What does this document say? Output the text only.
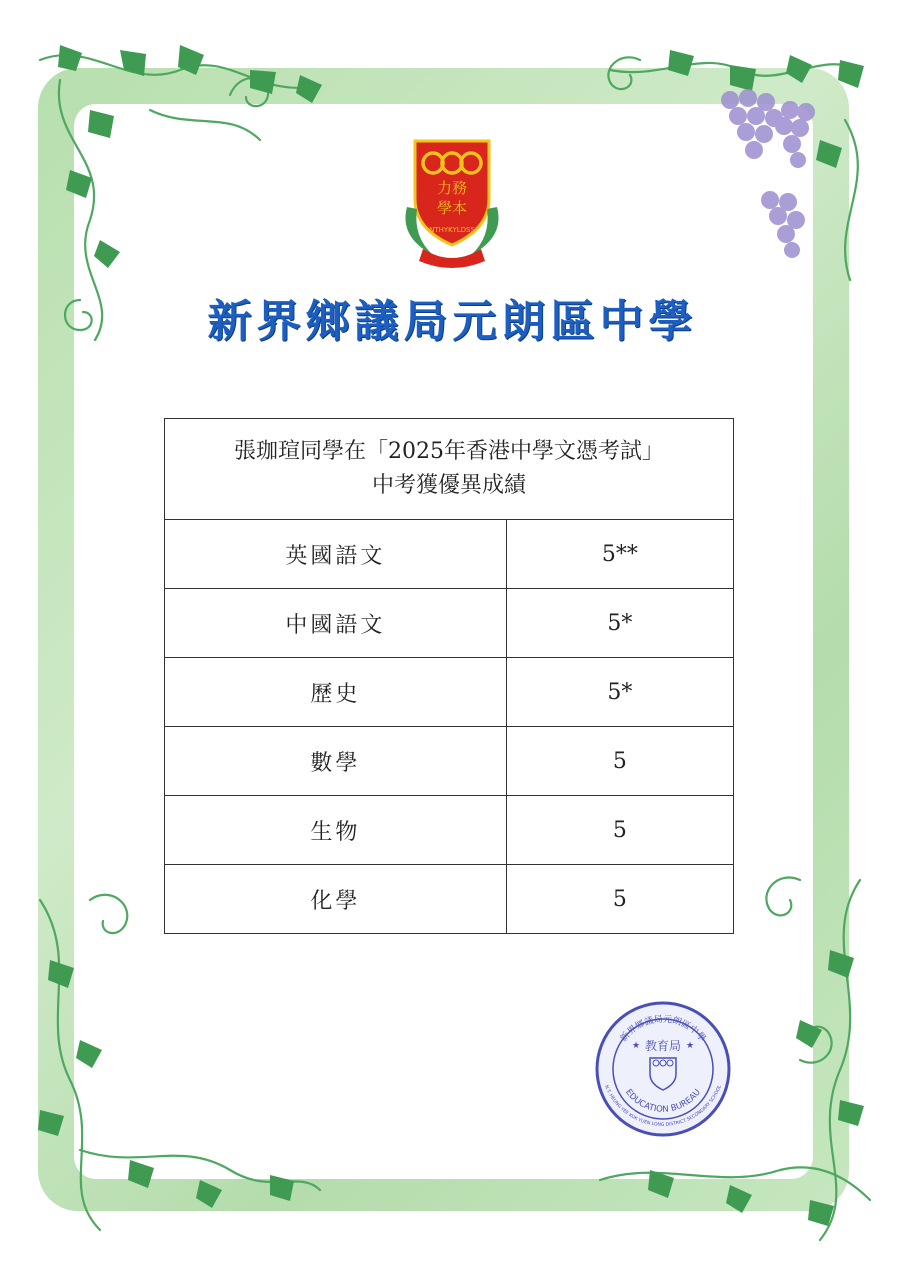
力務
學本
NTHYKYLDSS
新界鄉議局元朗區中學
張珈瑄同學在「2025年香港中學文憑考試」
中考獲優異成績	
英國語文	5**
中國語文	5*
歷史	5*
數學	5
生物	5
化學	5
新界鄉議局元朗區中學
N.T. HEUNG YEE KUK YUEN LONG DISTRICT SECONDARY SCHOOL
教育局
EDUCATION BUREAU
★	★
